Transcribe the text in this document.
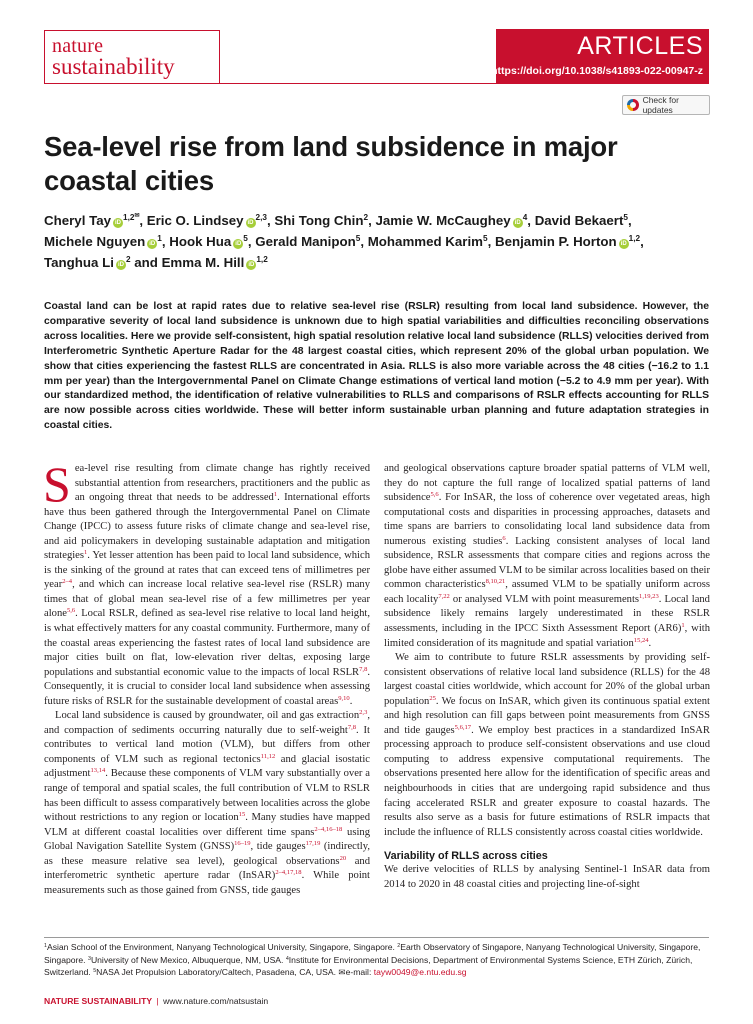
nature
sustainability
ARTICLES
https://doi.org/10.1038/s41893-022-00947-z
Check for updates
Sea-level rise from land subsidence in major coastal cities
Cheryl Tay $iD^{1,2^✉}$, Eric O. Lindsey iD$^{2,3}$, Shi Tong Chin$^2$, Jamie W. McCaughey $iD^4$, David Bekaert$^5$, Michele Nguyen $iD^1$, Hook Hua $iD^5$, Gerald Manipon$^5$, Mohammed Karim$^5$, Benjamin P. Horton iD$^{1,2}$, Tanghua Li $iD^2$ and Emma M. Hill iD$^{1,2}$
Coastal land can be lost at rapid rates due to relative sea-level rise (RSLR) resulting from local land subsidence. However, the comparative severity of local land subsidence is unknown due to high spatial variabilities and difficulties reconciling observations across localities. Here we provide self-consistent, high spatial resolution relative local land subsidence (RLLS) velocities derived from Interferometric Synthetic Aperture Radar for the 48 largest coastal cities, which represent 20% of the global urban population. We show that cities experiencing the fastest RLLS are concentrated in Asia. RLLS is also more variable across the 48 cities (−16.2 to 1.1 mm per year) than the Intergovernmental Panel on Climate Change estimations of vertical land motion (−5.2 to 4.9 mm per year). With our standardized method, the identification of relative vulnerabilities to RLLS and comparisons of RSLR effects accounting for RLLS are now possible across cities worldwide. These will better inform sustainable urban planning and future adaptation strategies in coastal cities.
S ea-level rise resulting from climate change has rightly received substantial attention from researchers, practitioners and the public as an ongoing threat that needs to be addressed$^1$. International efforts have thus been gathered through the Intergovernmental Panel on Climate Change (IPCC) to assess future risks of climate change and sea-level rise, and aid policymakers in developing sustainable adaptation and mitigation strategies$^1$. Yet lesser attention has been paid to local land subsidence, which is the sinking of the ground at rates that can exceed tens of millimetres per year$^{2-4}$, and which can increase local relative sea-level rise (RSLR) many times that of global mean sea-level rise of a few millimetres per year alone$^{5,6}$. Local RSLR, defined as sea-level rise relative to local land height, is what effectively matters for any coastal community. Furthermore, many of the coastal areas experiencing the fastest rates of local land subsidence are major cities built on flat, low-elevation river deltas, exposing large populations and substantial economic value to the impacts of local RSLR$^{7,8}$. Consequently, it is crucial to consider local land subsidence when assessing future risks of RSLR for the sustainable development of coastal areas$^{9,10}$.

Local land subsidence is caused by groundwater, oil and gas extraction$^{2,3}$, and compaction of sediments occurring naturally due to self-weight$^{7,8}$. It contributes to vertical land motion (VLM), but differs from other components of VLM such as regional tectonics$^{11,12}$ and glacial isostatic adjustment$^{13,14}$. Because these components of VLM vary substantially over a range of temporal and spatial scales, the full contribution of VLM to RSLR has been difficult to assess comparatively between localities across the globe without restrictions to any region or location$^{15}$. Many studies have mapped VLM at different coastal localities over different time spans$^{2-4,16-18}$ using Global Navigation Satellite System (GNSS)$^{16-19}$, tide gauges$^{17,19}$ (indirectly, as these measure relative sea level), geological observations$^{20}$ and interferometric synthetic aperture radar (InSAR)$^{2-4,17,18}$. While point measurements such as those gained from GNSS, tide gauges

and geological observations capture broader spatial patterns of VLM well, they do not capture the full range of localized spatial patterns of land subsidence$^{5,6}$. For InSAR, the loss of coherence over vegetated areas, high computational costs and disparities in processing approaches, datasets and time spans are barriers to consolidating local land subsidence data from numerous existing studies$^6$. Lacking consistent analyses of local land subsidence, RSLR assessments that compare cities and regions across the globe have either assumed VLM to be similar across localities based on their common characteristics$^{8,10,21}$, assumed VLM to be spatially uniform across each locality$^{7,22}$ or analysed VLM with point measurements$^{1,19,23}$. Local land subsidence likely remains largely underestimated in these RSLR assessments, including in the IPCC Sixth Assessment Report $(AR6)^1$, with limited consideration of its magnitude and spatial variation$^{15,24}$.

We aim to contribute to future RSLR assessments by providing self-consistent observations of relative local land subsidence (RLLS) for the 48 largest coastal cities worldwide, which account for 20% of the global urban population$^{25}$. We focus on InSAR, which given its continuous spatial extent and high resolution can fill gaps between point measurements from GNSS and tide gauges$^{5,6,17}$. We employ best practices in a standardized InSAR processing approach to produce self-consistent observations and use cloud computing to address expensive computational requirements. The observations presented here allow for the identification of specific areas and neighbourhoods in cities that are undergoing rapid subsidence and thus facing accelerated RSLR and greater exposure to coastal hazards. The results also serve as a basis for future estimations of RSLR impacts that include the influence of RLLS consistently across coastal cities worldwide.

Variability of RLLS across cities

We derive velocities of RLLS by analysing Sentinel-1 InSAR data from 2014 to 2020 in 48 coastal cities and projecting line-of-sight

$^1$Asian School of the Environment, Nanyang Technological University, Singapore, Singapore. $^2$Earth Observatory of Singapore, Nanyang Technological University, Singapore, Singapore. $^3$University of New Mexico, Albuquerque, NM, USA. $^4$Institute for Environmental Decisions, Department of Environmental Systems Science, ETH Zürich, Zürich, Switzerland. $^5$NASA Jet Propulsion Laboratory/Caltech, Pasadena, CA, USA. ✉e-mail: tayw0049@e.ntu.edu.sg
NATURE SUSTAINABILITY | www.nature.com/natsustain
